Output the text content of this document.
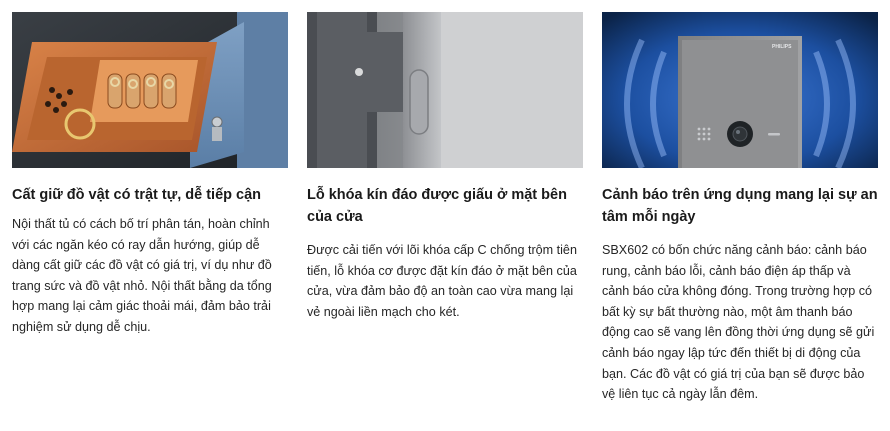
Cất giữ đồ vật có trật tự, dễ tiếp cận

Nội thất tủ có cách bố trí phân tán, hoàn chỉnh với các ngăn kéo có ray dẫn hướng, giúp dễ dàng cất giữ các đồ vật có giá trị, ví dụ như đồ trang sức và đồ vật nhỏ. Nội thất bằng da tổng hợp mang lại cảm giác thoải mái, đảm bảo trải nghiệm sử dụng dễ chịu.

Lỗ khóa kín đáo được giấu ở mặt bên của cửa

Được cải tiến với lõi khóa cấp C chống trộm tiên tiến, lỗ khóa cơ được đặt kín đáo ở mặt bên của cửa, vừa đảm bảo độ an toàn cao vừa mang lại vẻ ngoài liền mạch cho két.

PHILIPS

Cảnh báo trên ứng dụng mang lại sự an tâm mỗi ngày

SBX602 có bốn chức năng cảnh báo: cảnh báo rung, cảnh báo lỗi, cảnh báo điện áp thấp và cảnh báo cửa không đóng. Trong trường hợp có bất kỳ sự bất thường nào, một âm thanh báo động cao sẽ vang lên đồng thời ứng dụng sẽ gửi cảnh báo ngay lập tức đến thiết bị di động của bạn. Các đồ vật có giá trị của bạn sẽ được bảo vệ liên tục cả ngày lẫn đêm.
